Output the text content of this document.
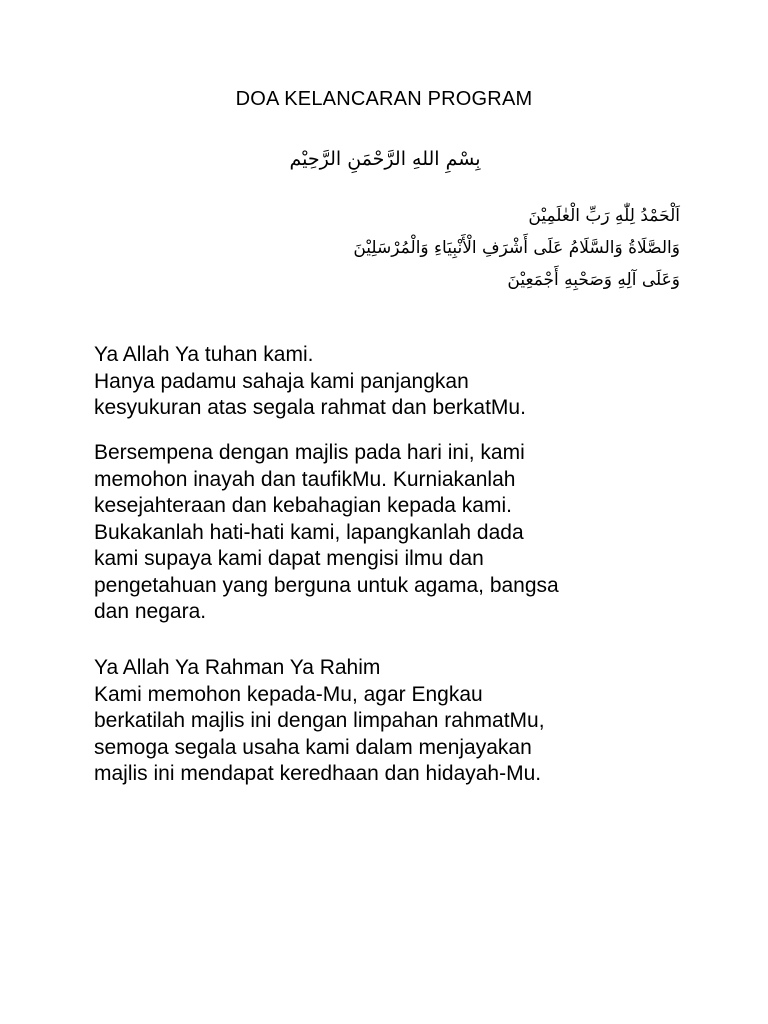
DOA KELANCARAN PROGRAM
بِسْمِ اللهِ الرَّحْمَنِ الرَّحِيْم
اَلْحَمْدُ لِلّٰهِ رَبِّ الْعٰلَمِيْنَ
وَالصَّلَاةُ وَالسَّلَامُ عَلَى أَشْرَفِ الْأَنْبِيَاءِ وَالْمُرْسَلِيْنَ
وَعَلَى آلِهِ وَصَحْبِهِ أَجْمَعِيْنَ
Ya Allah Ya tuhan kami.
Hanya padamu sahaja kami panjangkan
kesyukuran atas segala rahmat dan berkatMu.
Bersempena dengan majlis pada hari ini, kami
memohon inayah dan taufikMu. Kurniakanlah
kesejahteraan dan kebahagian kepada kami.
Bukakanlah hati-hati kami, lapangkanlah dada
kami supaya kami dapat mengisi ilmu dan
pengetahuan yang berguna untuk agama, bangsa
dan negara.
Ya Allah Ya Rahman Ya Rahim
Kami memohon kepada-Mu, agar Engkau
berkatilah majlis ini dengan limpahan rahmatMu,
semoga segala usaha kami dalam menjayakan
majlis ini mendapat keredhaan dan hidayah-Mu.
